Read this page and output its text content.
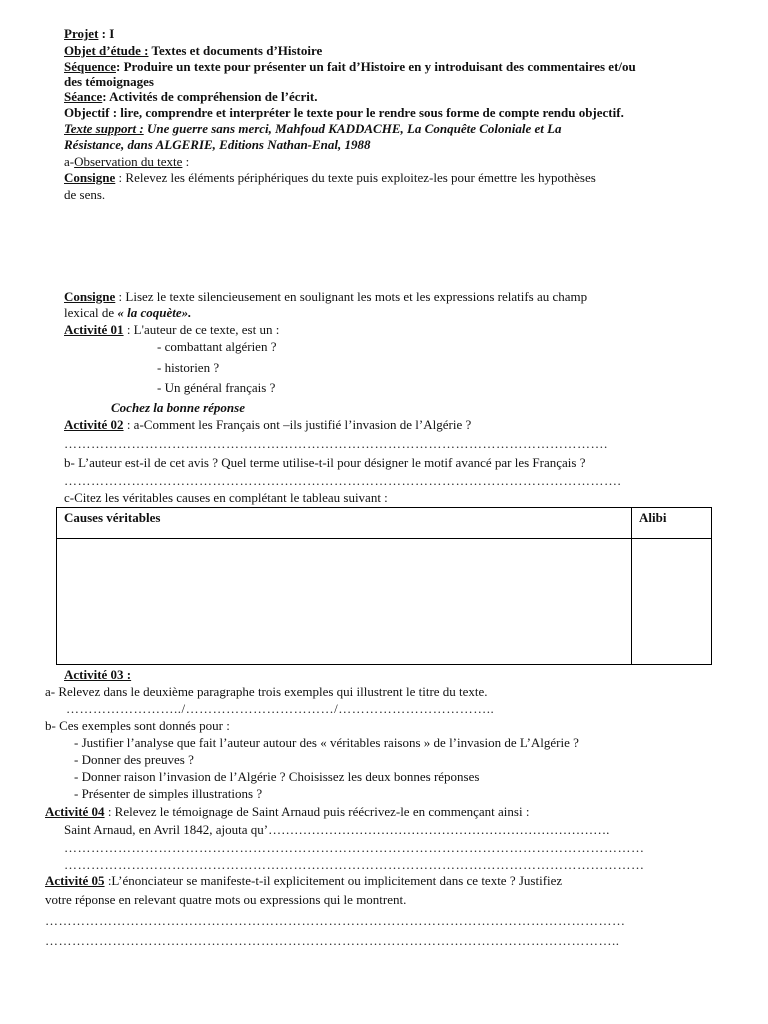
Projet : I
Objet d’étude : Textes et documents d’Histoire
Séquence: Produire un texte pour présenter un fait d’Histoire en y introduisant des commentaires et/ou
des témoignages
Séance: Activités de compréhension de l’écrit.
Objectif : lire, comprendre et interpréter le texte pour le rendre sous forme de compte rendu objectif.
Texte support : Une guerre sans merci, Mahfoud KADDACHE, La Conquête Coloniale et La
Résistance, dans ALGERIE, Editions Nathan-Enal, 1988
a-Observation du texte :
Consigne : Relevez les éléments périphériques du texte puis exploitez-les pour émettre les hypothèses
de sens.
Consigne : Lisez le texte silencieusement en soulignant les mots et les expressions relatifs au champ
lexical de « la coquète».
Activité 01 : L'auteur de ce texte, est un :
- combattant algérien ?
- historien ?
- Un général français ?
Cochez la bonne réponse
Activité 02 : a-Comment les Français ont –ils justifié l’invasion de l’Algérie ?
………………………………………………………………………………………………………….
b- L’auteur est-il de cet avis ? Quel terme utilise-t-il pour désigner le motif avancé par les Français ?
…………………………………………………………………………………………………………….
c-Citez les véritables causes en complétant le tableau suivant :
Causes véritables	Alibi

Activité 03 :
a- Relevez dans le deuxième paragraphe trois exemples qui illustrent le titre du texte.
……………………../……………………………/……………………………..
b- Ces exemples sont donnés pour :
- Justifier l’analyse que fait l’auteur autour des « véritables raisons » de l’invasion de L’Algérie ?
- Donner des preuves ?
- Donner raison l’invasion de l’Algérie ? Choisissez les deux bonnes réponses
- Présenter de simples illustrations ?
Activité 04 : Relevez le témoignage de Saint Arnaud puis réécrivez-le en commençant ainsi :
Saint Arnaud, en Avril 1842, ajouta qu’…………………………………………………………………….
…………………………………………………………………………………………………………………
…………………………………………………………………………………………………………………
Activité 05 :L’énonciateur se manifeste-t-il explicitement ou implicitement dans ce texte ? Justifiez
votre réponse en relevant quatre mots ou expressions qui le montrent.
…………………………………………………………………………………………………………………
………………………………………………………………………………………………………………..
